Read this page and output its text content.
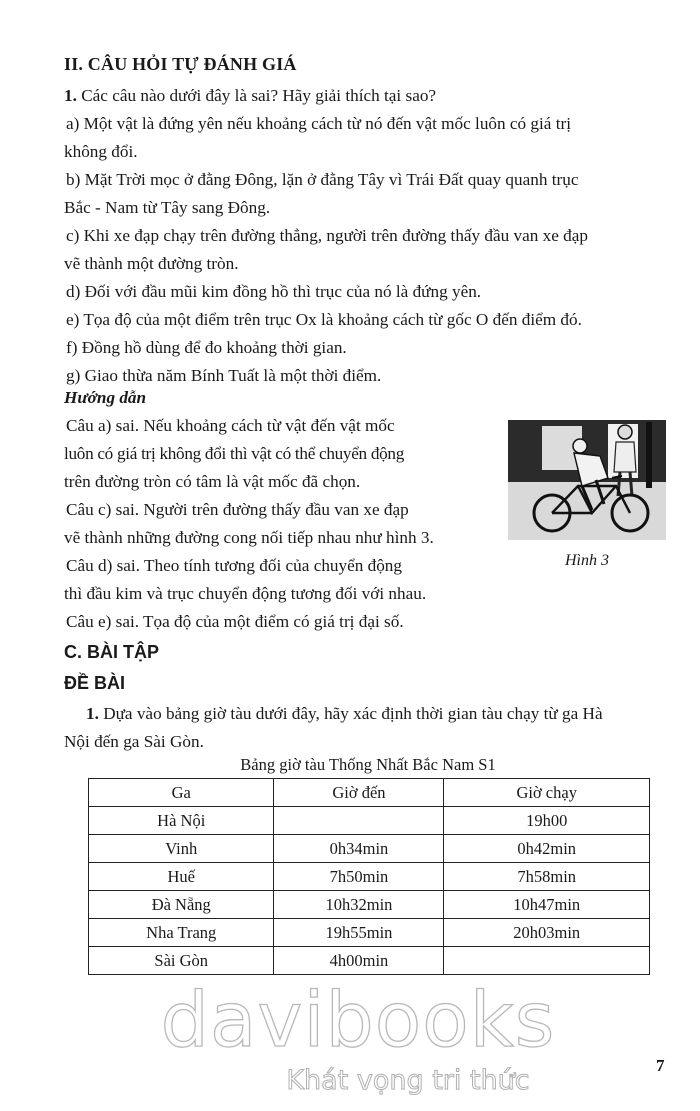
II. CÂU HỎI TỰ ĐÁNH GIÁ
1. Các câu nào dưới đây là sai? Hãy giải thích tại sao?
a) Một vật là đứng yên nếu khoảng cách từ nó đến vật mốc luôn có giá trị
không đổi.
b) Mặt Trời mọc ở đằng Đông, lặn ở đằng Tây vì Trái Đất quay quanh trục
Bắc - Nam từ Tây sang Đông.
c) Khi xe đạp chạy trên đường thẳng, người trên đường thấy đầu van xe đạp
vẽ thành một đường tròn.
d) Đối với đầu mũi kim đồng hồ thì trục của nó là đứng yên.
e) Tọa độ của một điểm trên trục Ox là khoảng cách từ gốc O đến điểm đó.
f) Đồng hồ dùng để đo khoảng thời gian.
g) Giao thừa năm Bính Tuất là một thời điểm.
Hướng dẫn
Câu a) sai. Nếu khoảng cách từ vật đến vật mốc
luôn có giá trị không đổi thì vật có thể chuyển động
trên đường tròn có tâm là vật mốc đã chọn.
Câu c) sai. Người trên đường thấy đầu van xe đạp
vẽ thành những đường cong nối tiếp nhau như hình 3.
Câu d) sai. Theo tính tương đối của chuyển động
thì đầu kim và trục chuyển động tương đối với nhau.
Câu e) sai. Tọa độ của một điểm có giá trị đại số.
Hình 3
C. BÀI TẬP
ĐỀ BÀI
1. Dựa vào bảng giờ tàu dưới đây, hãy xác định thời gian tàu chạy từ ga Hà
Nội đến ga Sài Gòn.
Bảng giờ tàu Thống Nhất Bắc Nam S1
Ga	Giờ đến	Giờ chạy
Hà Nội		19h00
Vinh	0h34min	0h42min
Huế	7h50min	7h58min
Đà Nẵng	10h32min	10h47min
Nha Trang	19h55min	20h03min
Sài Gòn	4h00min	
davibooks
Khát vọng tri thức	7
